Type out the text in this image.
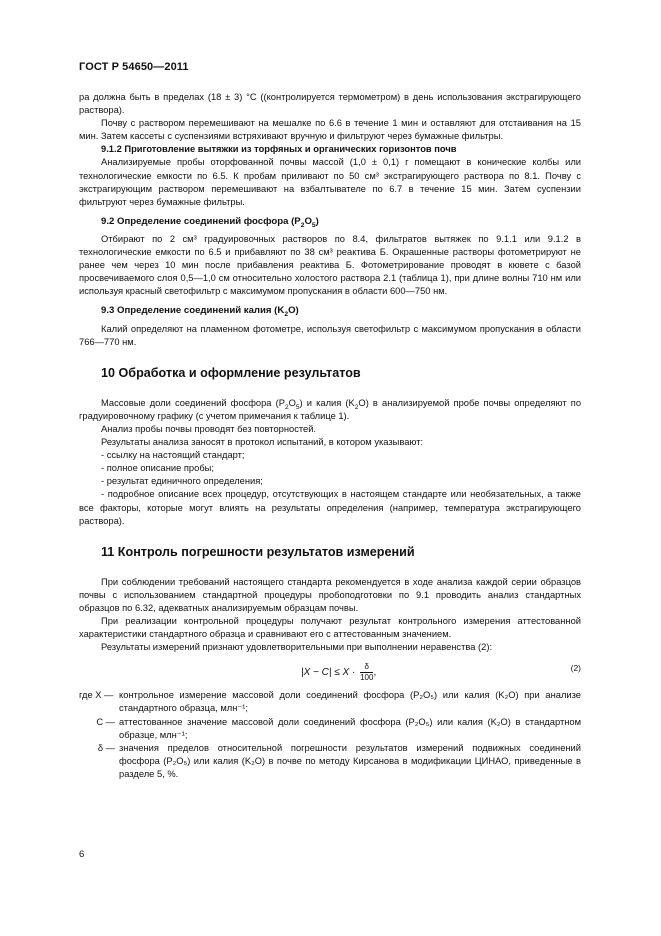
ГОСТ Р 54650—2011

ра должна быть в пределах (18 ± 3) °С ((контролируется термометром) в день использования экстрагирующего раствора).

Почву с раствором перемешивают на мешалке по 6.6 в течение 1 мин и оставляют для отстаивания на 15 мин. Затем кассеты с суспензиями встряхивают вручную и фильтруют через бумажные фильтры.

9.1.2 Приготовление вытяжки из торфяных и органических горизонтов почв

Анализируемые пробы оторфованной почвы массой (1,0 ± 0,1) г помещают в конические колбы или технологические емкости по 6.5. К пробам приливают по 50 см³ экстрагирующего раствора по 8.1. Почву с экстрагирующим раствором перемешивают на взбалтывателе по 6.7 в течение 15 мин. Затем суспензии фильтруют через бумажные фильтры.

9.2 Определение соединений фосфора $(P_2O_5)$

Отбирают по 2 см³ градуировочных растворов по 8.4, фильтратов вытяжек по 9.1.1 или 9.1.2 в технологические емкости по 6.5 и прибавляют по 38 см³ реактива Б. Окрашенные растворы фотометрируют не ранее чем через 10 мин после прибавления реактива Б. Фотометрирование проводят в кювете с базой просвечиваемого слоя 0,5—1,0 см относительно холостого раствора 2.1 (таблица 1), при длине волны 710 нм или используя красный светофильтр с максимумом пропускания в области 600—750 нм.

9.3 Определение соединений калия $(K_2O)$

Калий определяют на пламенном фотометре, используя светофильтр с максимумом пропускания в области 766—770 нм.

10 Обработка и оформление результатов

Массовые доли соединений фосфора $(P_2O_5)$ и калия $(K_2O)$ в анализируемой пробе почвы определяют по градуировочному графику (с учетом примечания к таблице 1).

Анализ пробы почвы проводят без повторностей.

Результаты анализа заносят в протокол испытаний, в котором указывают:

- ссылку на настоящий стандарт;

- полное описание пробы;

- результат единичного определения;

- подробное описание всех процедур, отсутствующих в настоящем стандарте или необязательных, а также все факторы, которые могут влиять на результаты определения (например, температура экстрагирующего раствора).

11 Контроль погрешности результатов измерений

При соблюдении требований настоящего стандарта рекомендуется в ходе анализа каждой серии образцов почвы с использованием стандартной процедуры пробоподготовки по 9.1 проводить анализ стандартных образцов по 6.32, адекватных анализируемым образцам почвы.

При реализации контрольной процедуры получают результат контрольного измерения аттестованной характеристики стандартного образца и сравнивают его с аттестованным значением.

Результаты измерений признают удовлетворительными при выполнении неравенства (2):

$|X - C| \le X \cdot \frac{\delta}{100}$ ,	(2)
где X — контрольное измерение массовой доли соединений фосфора (P₂O₅) или калия (K₂O) при анализе стандартного образца, млн⁻¹;
C — аттестованное значение массовой доли соединений фосфора (P₂O₅) или калия (K₂O) в стандартном образце, млн⁻¹;
δ — значения пределов относительной погрешности результатов измерений подвижных соединений фосфора (P₂O₅) или калия (K₂O) в почве по методу Кирсанова в модификации ЦИНАО, приведенные в разделе 5, %.
6
